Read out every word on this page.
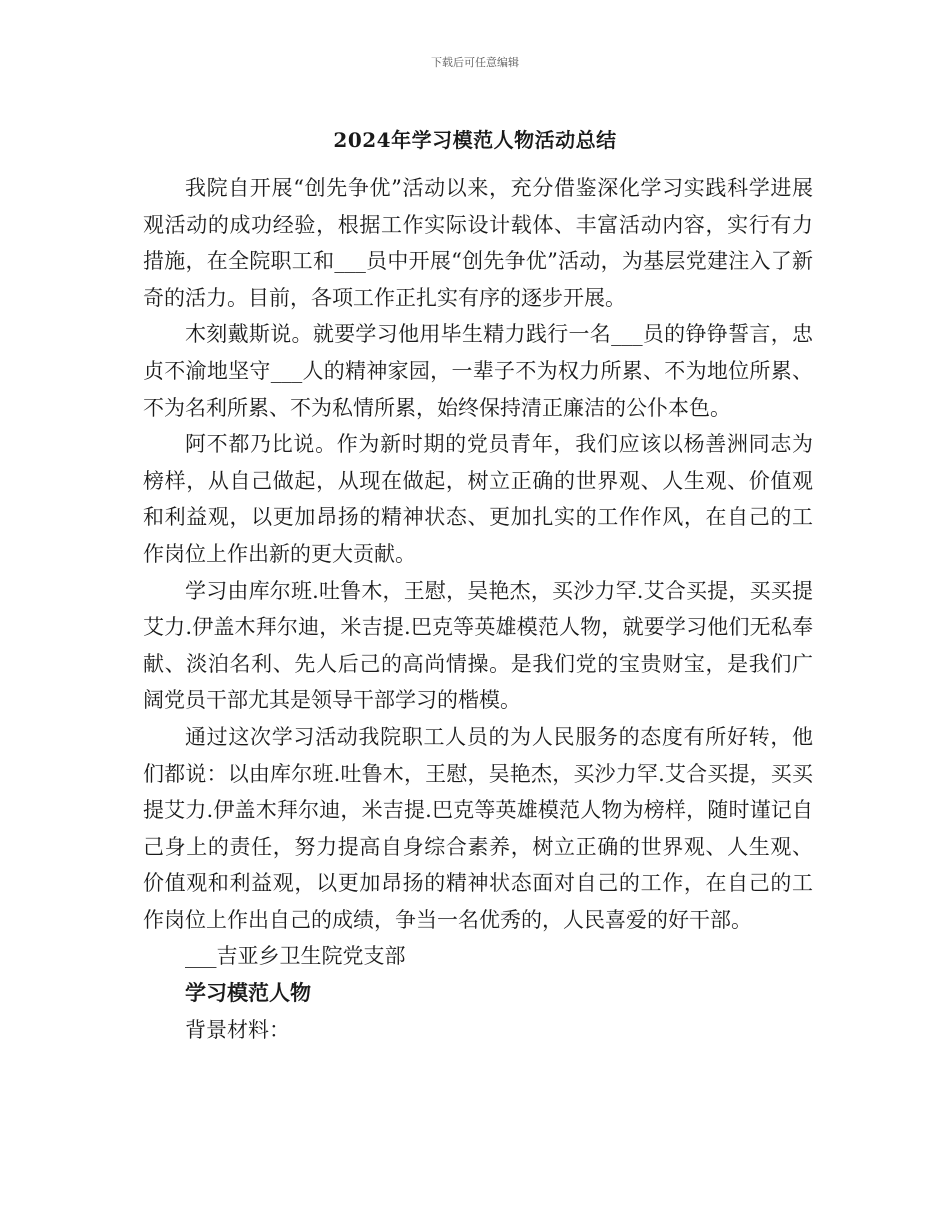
下载后可任意编辑
2024年学习模范人物活动总结

我院自开展“创先争优”活动以来，充分借鉴深化学习实践科学进展观活动的成功经验，根据工作实际设计载体、丰富活动内容，实行有力措施，在全院职工和___员中开展“创先争优”活动，为基层党建注入了新奇的活力。目前，各项工作正扎实有序的逐步开展。

木刻戴斯说。就要学习他用毕生精力践行一名___员的铮铮誓言，忠贞不渝地坚守___人的精神家园，一辈子不为权力所累、不为地位所累、不为名利所累、不为私情所累，始终保持清正廉洁的公仆本色。

阿不都乃比说。作为新时期的党员青年，我们应该以杨善洲同志为榜样，从自己做起，从现在做起，树立正确的世界观、人生观、价值观和利益观，以更加昂扬的精神状态、更加扎实的工作作风，在自己的工作岗位上作出新的更大贡献。

学习由库尔班.吐鲁木，王慰，吴艳杰，买沙力罕.艾合买提，买买提艾力.伊盖木拜尔迪，米吉提.巴克等英雄模范人物，就要学习他们无私奉献、淡泊名利、先人后己的高尚情操。是我们党的宝贵财宝，是我们广阔党员干部尤其是领导干部学习的楷模。

通过这次学习活动我院职工人员的为人民服务的态度有所好转，他们都说：以由库尔班.吐鲁木，王慰，吴艳杰，买沙力罕.艾合买提，买买提艾力.伊盖木拜尔迪，米吉提.巴克等英雄模范人物为榜样，随时谨记自己身上的责任，努力提高自身综合素养，树立正确的世界观、人生观、价值观和利益观，以更加昂扬的精神状态面对自己的工作，在自己的工作岗位上作出自己的成绩，争当一名优秀的，人民喜爱的好干部。

___吉亚乡卫生院党支部

学习模范人物

背景材料：
